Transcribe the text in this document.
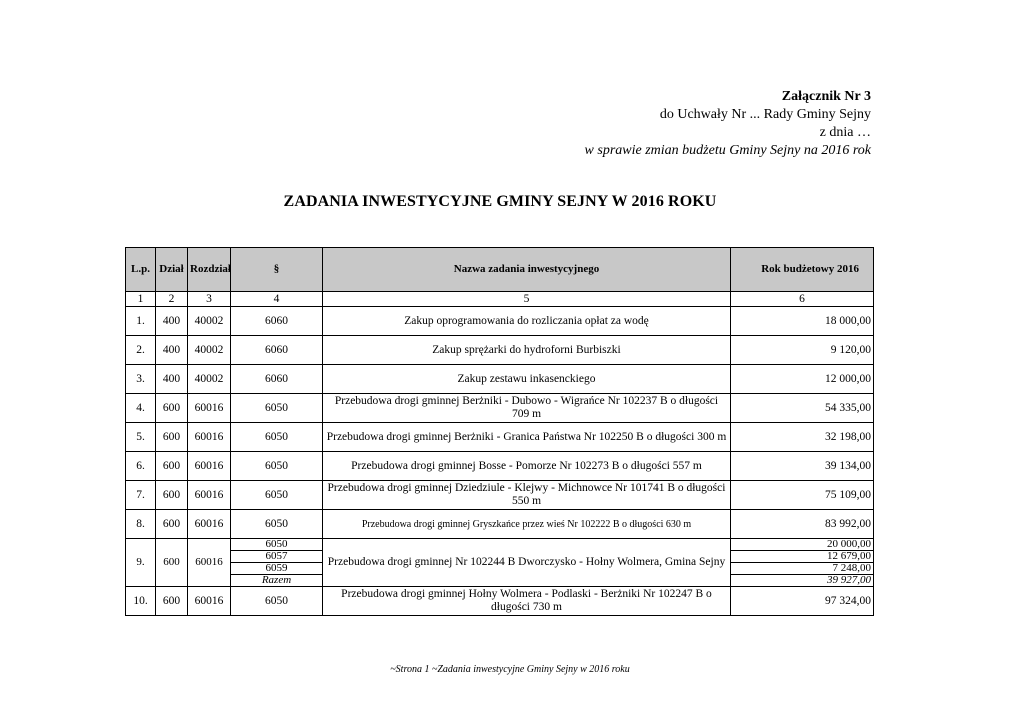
Załącznik Nr 3
do Uchwały Nr ... Rady Gminy Sejny
z dnia …
w sprawie zmian budżetu Gminy Sejny na 2016 rok
ZADANIA INWESTYCYJNE GMINY SEJNY W 2016 ROKU
L.p.	Dział	Rozdział	§	Nazwa zadania inwestycyjnego	Rok budżetowy 2016
1	2	3	4	5	6
1.	400	40002	6060	Zakup oprogramowania do rozliczania opłat za wodę	18 000,00
2.	400	40002	6060	Zakup sprężarki do hydroforni Burbiszki	9 120,00
3.	400	40002	6060	Zakup zestawu inkasenckiego	12 000,00
4.	600	60016	6050	Przebudowa drogi gminnej Berżniki - Dubowo - Wigrańce Nr 102237 B o długości 709 m	54 335,00
5.	600	60016	6050	Przebudowa drogi gminnej Berżniki - Granica Państwa Nr 102250 B o długości 300 m	32 198,00
6.	600	60016	6050	Przebudowa drogi gminnej Bosse - Pomorze Nr 102273 B o długości 557 m	39 134,00
7.	600	60016	6050	Przebudowa drogi gminnej Dziedziule - Klejwy - Michnowce Nr 101741 B o długości 550 m	75 109,00
8.	600	60016	6050	Przebudowa drogi gminnej Gryszkańce przez wieś Nr 102222 B o długości 630 m	83 992,00
9.	600	60016	6050	Przebudowa drogi gminnej Nr 102244 B Dworczysko - Hołny Wolmera, Gmina Sejny	20 000,00
			6057		12 679,00
			6059		7 248,00
			Razem		39 927,00
10.	600	60016	6050	Przebudowa drogi gminnej Hołny Wolmera - Podlaski - Berżniki Nr 102247 B o długości 730 m	97 324,00
~Strona 1 ~Zadania inwestycyjne Gminy Sejny w 2016 roku
